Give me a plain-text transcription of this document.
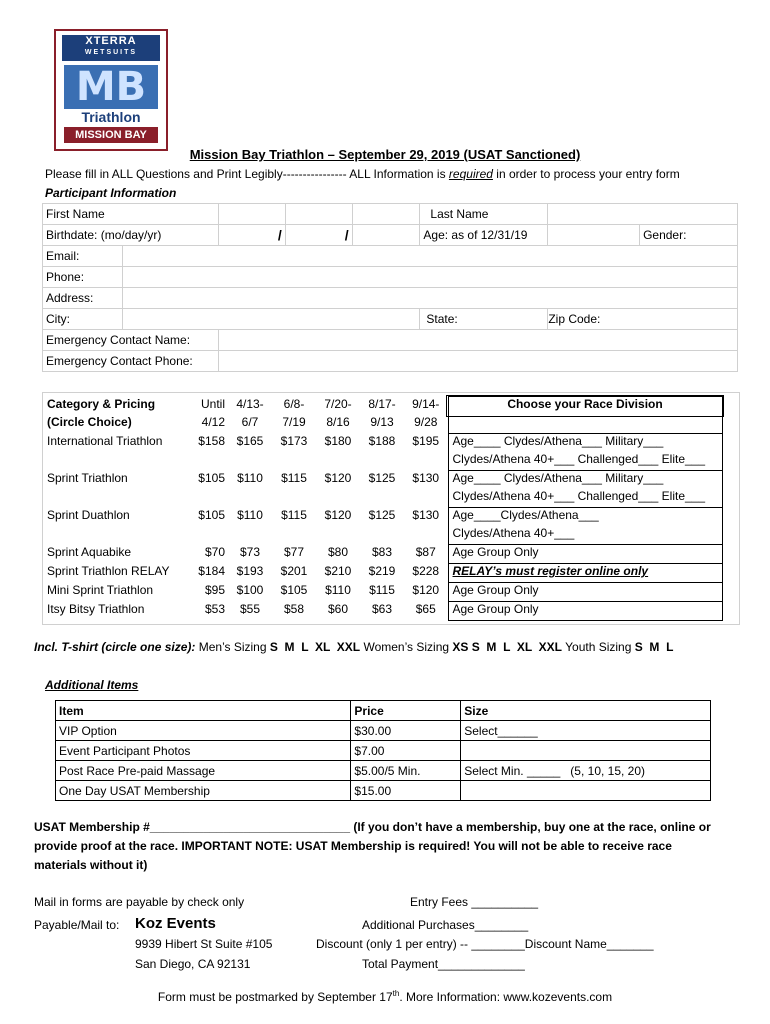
XTERRA
WETSUITS
MB
Triathlon
MISSION BAY
Mission Bay Triathlon – September 29, 2019 (USAT Sanctioned)
Please fill in ALL Questions and Print Legibly---------------- ALL Information is required in order to process your entry form
Participant Information
First Name					Last Name		
Birthdate: (mo/day/yr)		/	/		Age: as of 12/31/19		Gender:
Email:							
Phone:							
Address:							
City:					State:	Zip Code:	
Emergency Contact Name:							
Emergency Contact Phone:							
Category & Pricing	Until	4/13-	6/8-	7/20-	8/17-	9/14-	Choose your Race Division
(Circle Choice)	4/12	6/7	7/19	8/16	9/13	9/28	
International Triathlon	$158	$165	$173	$180	$188	$195	Age____ Clydes/Athena___ Military___
							Clydes/Athena 40+___ Challenged___ Elite___
Sprint Triathlon	$105	$110	$115	$120	$125	$130	Age____ Clydes/Athena___ Military___
							Clydes/Athena 40+___ Challenged___ Elite___
Sprint Duathlon	$105	$110	$115	$120	$125	$130	Age____Clydes/Athena___
							Clydes/Athena 40+___
Sprint Aquabike	$70	$73	$77	$80	$83	$87	Age Group Only
Sprint Triathlon RELAY	$184	$193	$201	$210	$219	$228	RELAY’s must register online only
Mini Sprint Triathlon	$95	$100	$105	$110	$115	$120	Age Group Only
Itsy Bitsy Triathlon	$53	$55	$58	$60	$63	$65	Age Group Only
Incl. T-shirt (circle one size): Men’s Sizing S  M  L  XL  XXL Women’s Sizing XS S  M  L  XL  XXL Youth Sizing S  M  L
Additional Items
Item	Price	Size
VIP Option	$30.00	Select______
Event Participant Photos	$7.00	
Post Race Pre-paid Massage	$5.00/5 Min.	Select Min. _____   (5, 10, 15, 20)
One Day USAT Membership	$15.00	
USAT Membership #______________________________ (If you don’t have a membership, buy one at the race, online or
provide proof at the race. IMPORTANT NOTE: USAT Membership is required! You will not be able to receive race
materials without it)
Mail in forms are payable by check only
Payable/Mail to: Koz Events
9939 Hibert St Suite #105
San Diego, CA 92131
Entry Fees __________
Additional Purchases________
Discount (only 1 per entry) -- ________Discount Name_______
Total Payment_____________
Form must be postmarked by September 17th. More Information: www.kozevents.com
